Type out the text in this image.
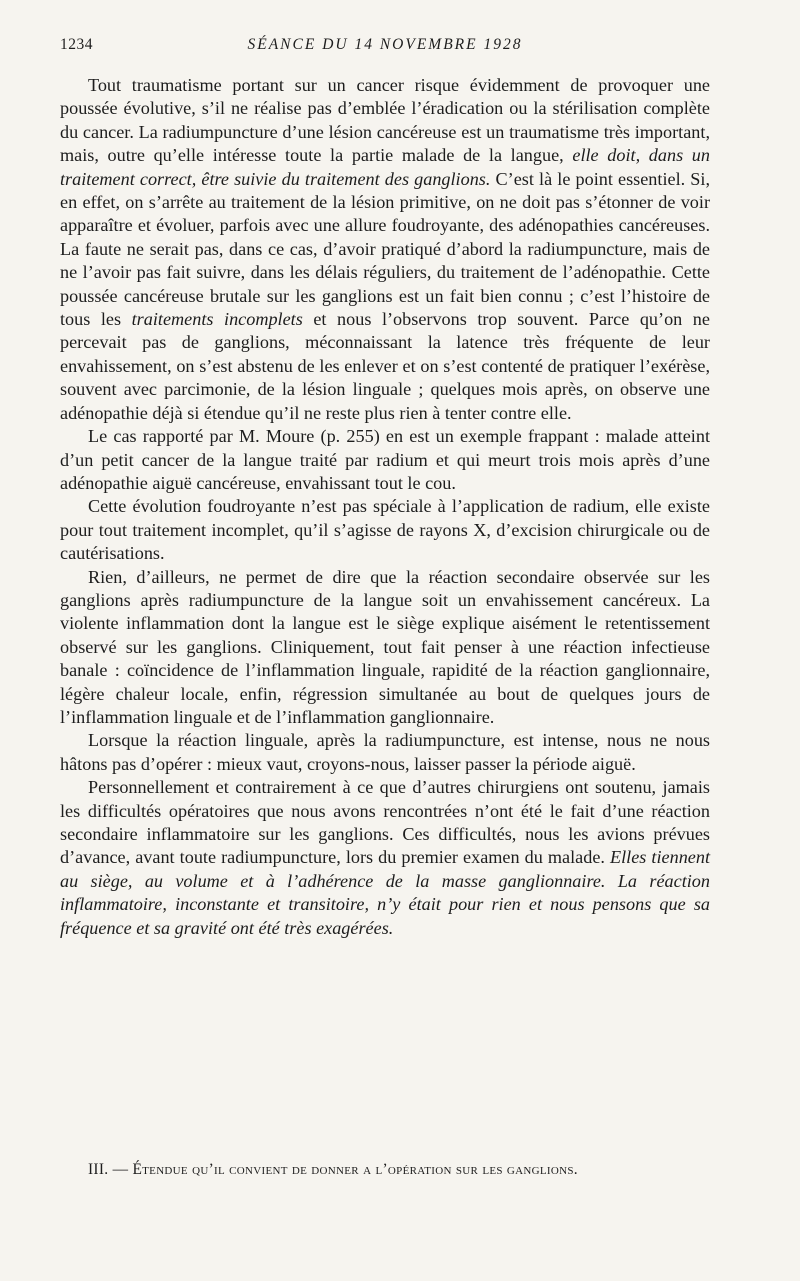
1234	SÉANCE DU 14 NOVEMBRE 1928

Tout traumatisme portant sur un cancer risque évidemment de provoquer une poussée évolutive, s’il ne réalise pas d’emblée l’éradication ou la stérilisation complète du cancer. La radiumpuncture d’une lésion cancéreuse est un traumatisme très important, mais, outre qu’elle intéresse toute la partie malade de la langue, elle doit, dans un traitement correct, être suivie du traitement des ganglions. C’est là le point essentiel. Si, en effet, on s’arrête au traitement de la lésion primitive, on ne doit pas s’étonner de voir apparaître et évoluer, parfois avec une allure foudroyante, des adénopathies cancéreuses. La faute ne serait pas, dans ce cas, d’avoir pratiqué d’abord la radiumpuncture, mais de ne l’avoir pas fait suivre, dans les délais réguliers, du traitement de l’adénopathie. Cette poussée cancéreuse brutale sur les ganglions est un fait bien connu ; c’est l’histoire de tous les traitements incomplets et nous l’observons trop souvent. Parce qu’on ne percevait pas de ganglions, méconnaissant la latence très fréquente de leur envahissement, on s’est abstenu de les enlever et on s’est contenté de pratiquer l’exérèse, souvent avec parcimonie, de la lésion linguale ; quelques mois après, on observe une adénopathie déjà si étendue qu’il ne reste plus rien à tenter contre elle.

Le cas rapporté par M. Moure (p. 255) en est un exemple frappant : malade atteint d’un petit cancer de la langue traité par radium et qui meurt trois mois après d’une adénopathie aiguë cancéreuse, envahissant tout le cou.

Cette évolution foudroyante n’est pas spéciale à l’application de radium, elle existe pour tout traitement incomplet, qu’il s’agisse de rayons X, d’excision chirurgicale ou de cautérisations.

Rien, d’ailleurs, ne permet de dire que la réaction secondaire observée sur les ganglions après radiumpuncture de la langue soit un envahissement cancéreux. La violente inflammation dont la langue est le siège explique aisément le retentissement observé sur les ganglions. Cliniquement, tout fait penser à une réaction infectieuse banale : coïncidence de l’inflammation linguale, rapidité de la réaction ganglionnaire, légère chaleur locale, enfin, régression simultanée au bout de quelques jours de l’inflammation linguale et de l’inflammation ganglionnaire.

Lorsque la réaction linguale, après la radiumpuncture, est intense, nous ne nous hâtons pas d’opérer : mieux vaut, croyons-nous, laisser passer la période aiguë.

Personnellement et contrairement à ce que d’autres chirurgiens ont soutenu, jamais les difficultés opératoires que nous avons rencontrées n’ont été le fait d’une réaction secondaire inflammatoire sur les ganglions. Ces difficultés, nous les avions prévues d’avance, avant toute radiumpuncture, lors du premier examen du malade. Elles tiennent au siège, au volume et à l’adhérence de la masse ganglionnaire. La réaction inflammatoire, inconstante et transitoire, n’y était pour rien et nous pensons que sa fréquence et sa gravité ont été très exagérées.

III. — Étendue qu’il convient de donner a l’opération sur les ganglions.
